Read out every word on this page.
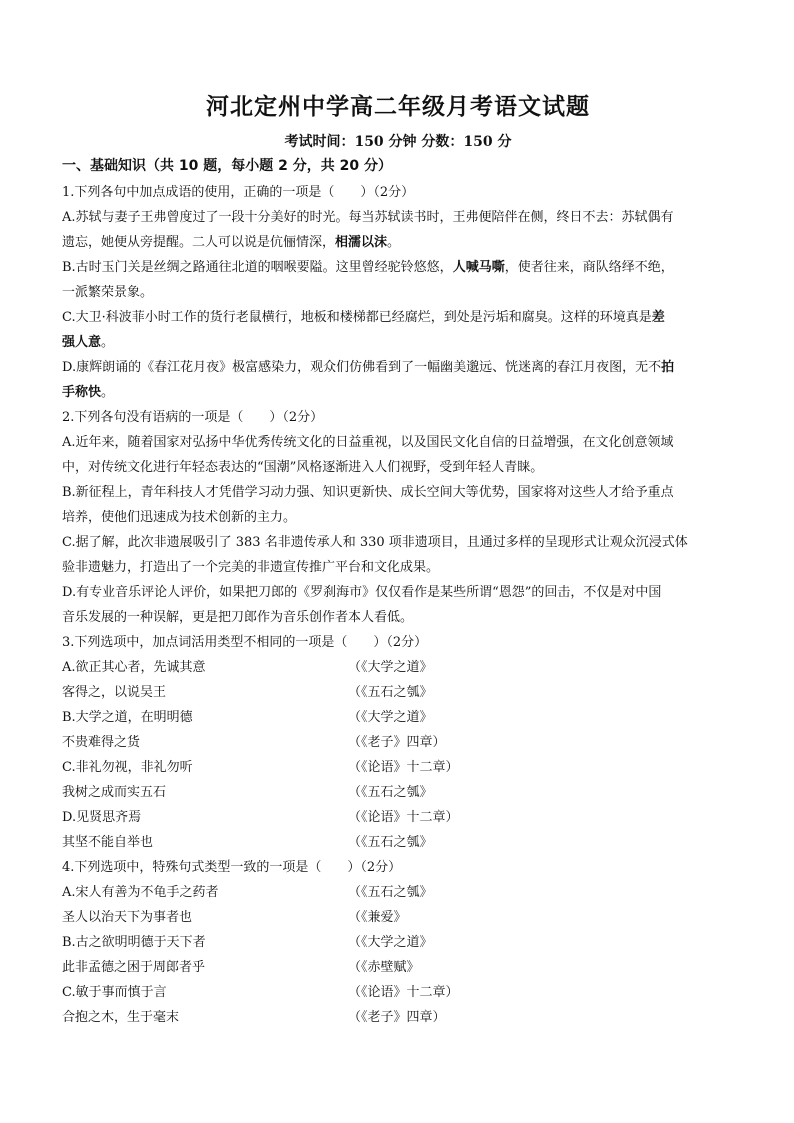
河北定州中学高二年级月考语文试题
考试时间：150 分钟 分数：150 分
一、基础知识（共 10 题，每小题 2 分，共 20 分）

1.下列各句中加点成语的使用，正确的一项是（　　）（2分）

A.苏轼与妻子王弗曾度过了一段十分美好的时光。每当苏轼读书时，王弗便陪伴在侧，终日不去：苏轼偶有

遗忘，她便从旁提醒。二人可以说是伉俪情深，相濡以沫。

B.古时玉门关是丝绸之路通往北道的咽喉要隘。这里曾经驼铃悠悠，人喊马嘶，使者往来，商队络绎不绝，

一派繁荣景象。

C.大卫·科波菲小时工作的货行老鼠横行，地板和楼梯都已经腐烂，到处是污垢和腐臭。这样的环境真是差

强人意。

D.康辉朗诵的《春江花月夜》极富感染力，观众们仿佛看到了一幅幽美邈远、恍迷离的春江月夜图，无不拍

手称快。

2.下列各句没有语病的一项是（　　）（2分）

A.近年来，随着国家对弘扬中华优秀传统文化的日益重视，以及国民文化自信的日益增强，在文化创意领域

中，对传统文化进行年轻态表达的“国潮”风格逐渐进入人们视野，受到年轻人青睐。

B.新征程上，青年科技人才凭借学习动力强、知识更新快、成长空间大等优势，国家将对这些人才给予重点

培养，使他们迅速成为技术创新的主力。

C.据了解，此次非遗展吸引了 383 名非遗传承人和 330 项非遗项目，且通过多样的呈现形式让观众沉浸式体

验非遗魅力，打造出了一个完美的非遗宣传推广平台和文化成果。

D.有专业音乐评论人评价，如果把刀郎的《罗刹海市》仅仅看作是某些所谓“恩怨”的回击，不仅是对中国

音乐发展的一种误解，更是把刀郎作为音乐创作者本人看低。

3.下列选项中，加点词活用类型不相同的一项是（　　）（2分）

A.欲正其心者，先诚其意	（《大学之道》
客得之，以说吴王	（《五石之瓠》
B.大学之道，在明明德	（《大学之道》
不贵难得之货	（《老子》四章）
C.非礼勿视，非礼勿听	（《论语》十二章）
我树之成而实五石	（《五石之瓠》
D.见贤思齐焉	（《论语》十二章）
其坚不能自举也	（《五石之瓠》

4.下列选项中，特殊句式类型一致的一项是（　　）（2分）

A.宋人有善为不龟手之药者	（《五石之瓠》
圣人以治天下为事者也	（《兼爱》
B.古之欲明明德于天下者	（《大学之道》
此非孟德之困于周郎者乎	（《赤壁赋》
C.敏于事而慎于言	（《论语》十二章）
合抱之木，生于毫末	（《老子》四章）
